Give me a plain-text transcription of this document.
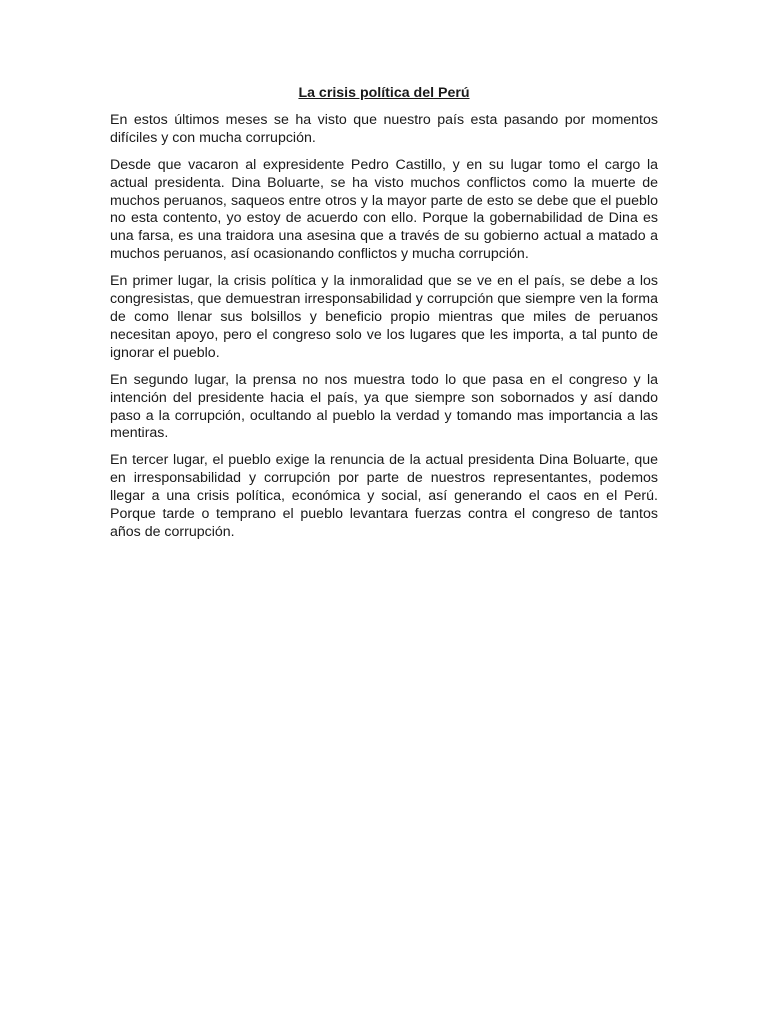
La crisis política del Perú

En estos últimos meses se ha visto que nuestro país esta pasando por momentos difíciles y con mucha corrupción.

Desde que vacaron al expresidente Pedro Castillo, y en su lugar tomo el cargo la actual presidenta. Dina Boluarte, se ha visto muchos conflictos como la muerte de muchos peruanos, saqueos entre otros y la mayor parte de esto se debe que el pueblo no esta contento, yo estoy de acuerdo con ello. Porque la gobernabilidad de Dina es una farsa, es una traidora una asesina que a través de su gobierno actual a matado a muchos peruanos, así ocasionando conflictos y mucha corrupción.

En primer lugar, la crisis política y la inmoralidad que se ve en el país, se debe a los congresistas, que demuestran irresponsabilidad y corrupción que siempre ven la forma de como llenar sus bolsillos y beneficio propio mientras que miles de peruanos necesitan apoyo, pero el congreso solo ve los lugares que les importa, a tal punto de ignorar el pueblo.

En segundo lugar, la prensa no nos muestra todo lo que pasa en el congreso y la intención del presidente hacia el país, ya que siempre son sobornados y así dando paso a la corrupción, ocultando al pueblo la verdad y tomando mas importancia a las mentiras.

En tercer lugar, el pueblo exige la renuncia de la actual presidenta Dina Boluarte, que en irresponsabilidad y corrupción por parte de nuestros representantes, podemos llegar a una crisis política, económica y social, así generando el caos en el Perú. Porque tarde o temprano el pueblo levantara fuerzas contra el congreso de tantos años de corrupción.
